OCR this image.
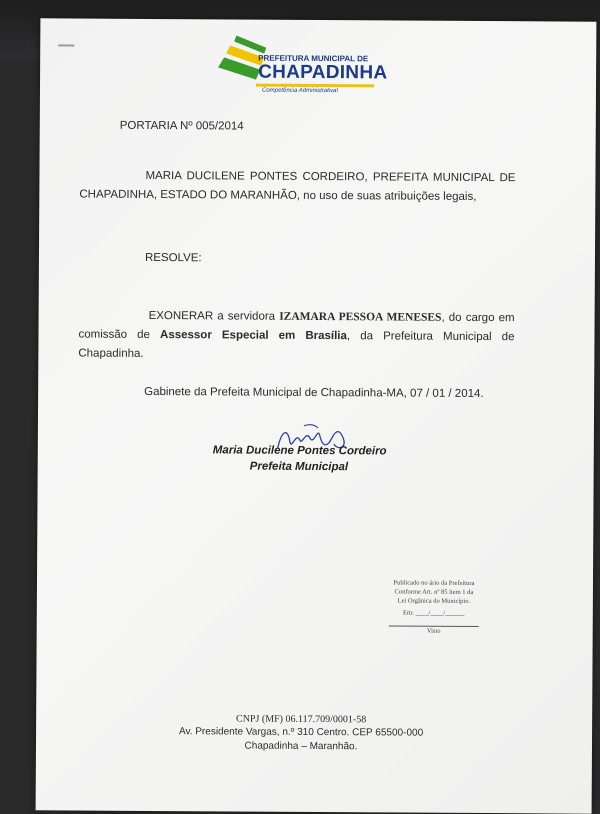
PREFEITURA MUNICIPAL DE
CHAPADINHA
Competência Administrativa!
PORTARIA Nº 005/2014
MARIA DUCILENE PONTES CORDEIRO, PREFEITA MUNICIPAL DE CHAPADINHA, ESTADO DO MARANHÃO, no uso de suas atribuições legais,
RESOLVE:
EXONERAR a servidora IZAMARA PESSOA MENESES, do cargo em comissão de Assessor Especial em Brasília, da Prefeitura Municipal de Chapadinha.
Gabinete da Prefeita Municipal de Chapadinha-MA, 07 / 01 / 2014.
Maria Ducilene Pontes Cordeiro
Prefeita Municipal
Publicado no ário da Prefeitura
Conforme Art. nº 85 ítem 1 da
Lei Orgânica do Município.
Em: ____/____/______
Visto
CNPJ (MF) 06.117.709/0001-58
Av. Presidente Vargas, n.º 310 Centro. CEP 65500-000
Chapadinha – Maranhão.
